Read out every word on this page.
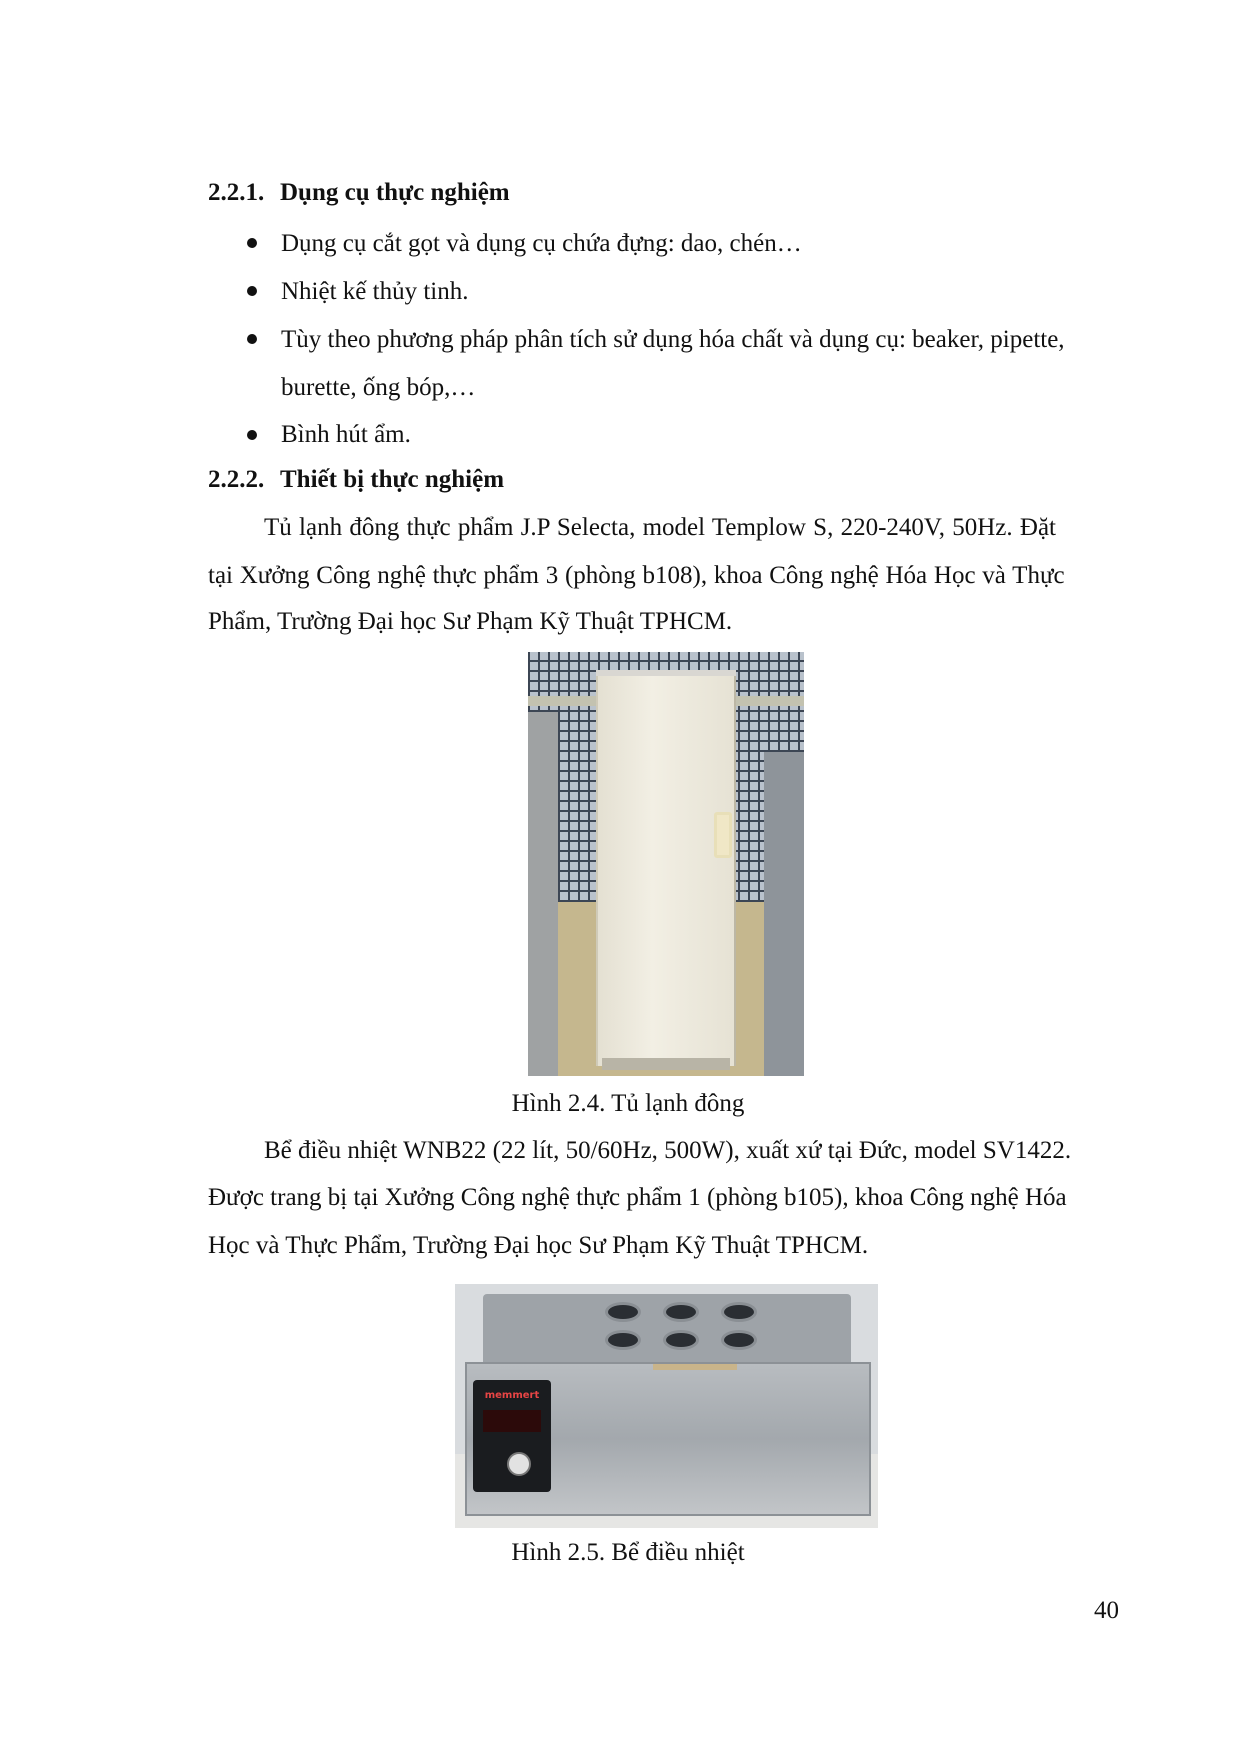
2.2.1. Dụng cụ thực nghiệm
Dụng cụ cắt gọt và dụng cụ chứa đựng: dao, chén…
Nhiệt kế thủy tinh.
Tùy theo phương pháp phân tích sử dụng hóa chất và dụng cụ: beaker, pipette,
burette, ống bóp,…
Bình hút ẩm.
2.2.2. Thiết bị thực nghiệm
Tủ lạnh đông thực phẩm J.P Selecta, model Templow S, 220-240V, 50Hz. Đặt
tại Xưởng Công nghệ thực phẩm 3 (phòng b108), khoa Công nghệ Hóa Học và Thực
Phẩm, Trường Đại học Sư Phạm Kỹ Thuật TPHCM.
Hình 2.4. Tủ lạnh đông
Bể điều nhiệt WNB22 (22 lít, 50/60Hz, 500W), xuất xứ tại Đức, model SV1422.
Được trang bị tại Xưởng Công nghệ thực phẩm 1 (phòng b105), khoa Công nghệ Hóa
Học và Thực Phẩm, Trường Đại học Sư Phạm Kỹ Thuật TPHCM.
memmert
Hình 2.5. Bể điều nhiệt
40
